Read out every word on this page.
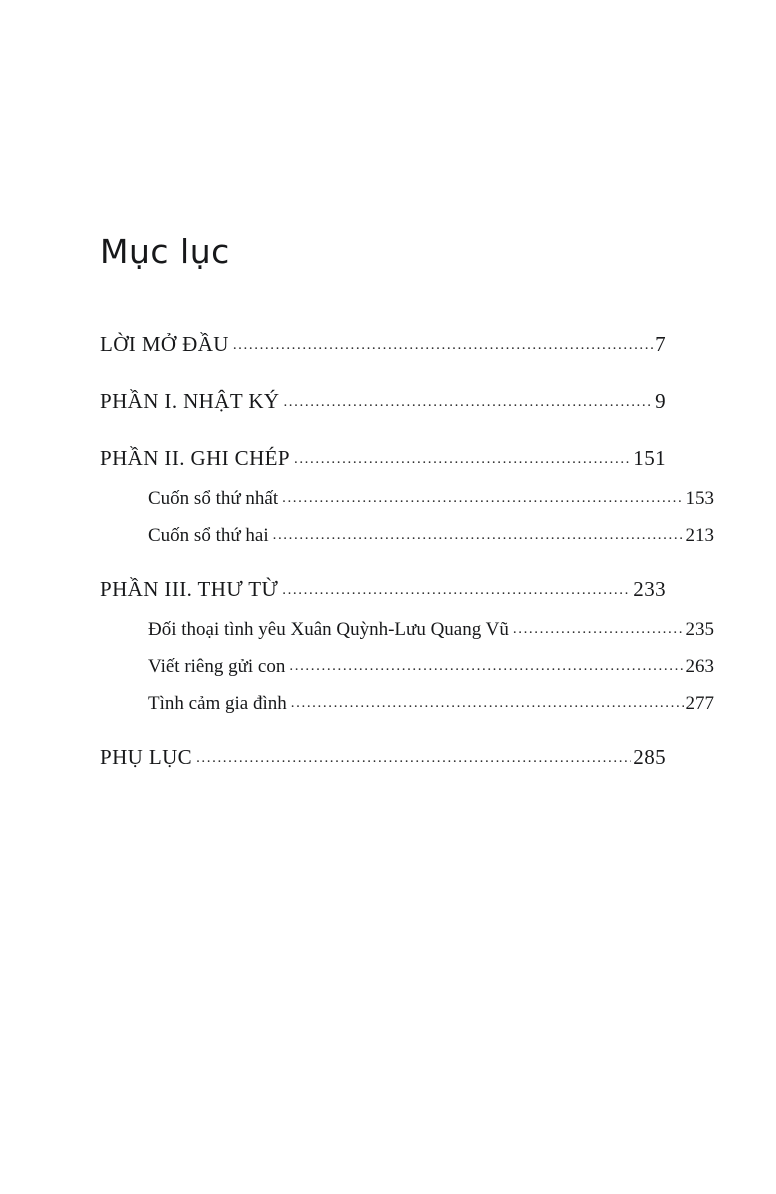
Mục lục
LỜI MỞ ĐẦU .....	7
PHẦN I. NHẬT KÝ .....	9
PHẦN II. GHI CHÉP .....	151
Cuốn sổ thứ nhất .....	153
Cuốn sổ thứ hai .....	213
PHẦN III. THƯ TỪ .....	233
Đối thoại tình yêu Xuân Quỳnh-Lưu Quang Vũ .....	235
Viết riêng gửi con .....	263
Tình cảm gia đình .....	277
PHỤ LỤC .....	285
